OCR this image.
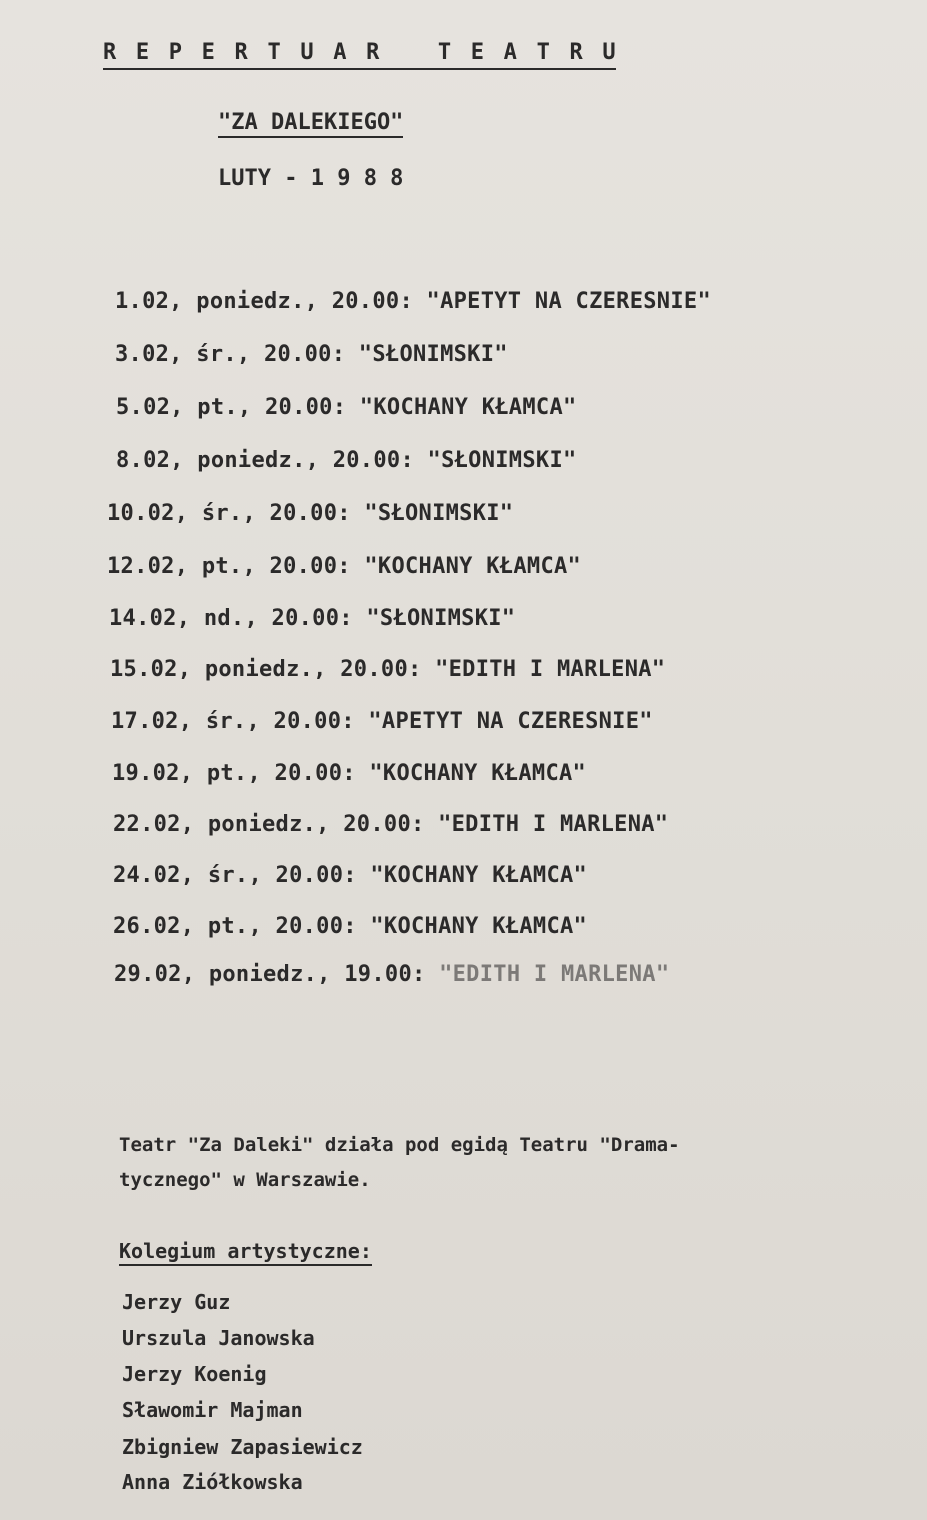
R E P E R T U A R   T E A T R U
"ZA DALEKIEGO"
LUTY - 1 9 8 8
1.02, poniedz., 20.00: "APETYT NA CZERESNIE"
3.02, śr., 20.00: "SŁONIMSKI"
5.02, pt., 20.00: "KOCHANY KŁAMCA"
8.02, poniedz., 20.00: "SŁONIMSKI"
10.02, śr., 20.00: "SŁONIMSKI"
12.02, pt., 20.00: "KOCHANY KŁAMCA"
14.02, nd., 20.00: "SŁONIMSKI"
15.02, poniedz., 20.00: "EDITH I MARLENA"
17.02, śr., 20.00: "APETYT NA CZERESNIE"
19.02, pt., 20.00: "KOCHANY KŁAMCA"
22.02, poniedz., 20.00: "EDITH I MARLENA"
24.02, śr., 20.00: "KOCHANY KŁAMCA"
26.02, pt., 20.00: "KOCHANY KŁAMCA"
29.02, poniedz., 19.00: "EDITH I MARLENA"
Teatr "Za Daleki" działa pod egidą Teatru "Drama-
tycznego" w Warszawie.
Kolegium artystyczne:
Jerzy Guz
Urszula Janowska
Jerzy Koenig
Sławomir Majman
Zbigniew Zapasiewicz
Anna Ziółkowska
